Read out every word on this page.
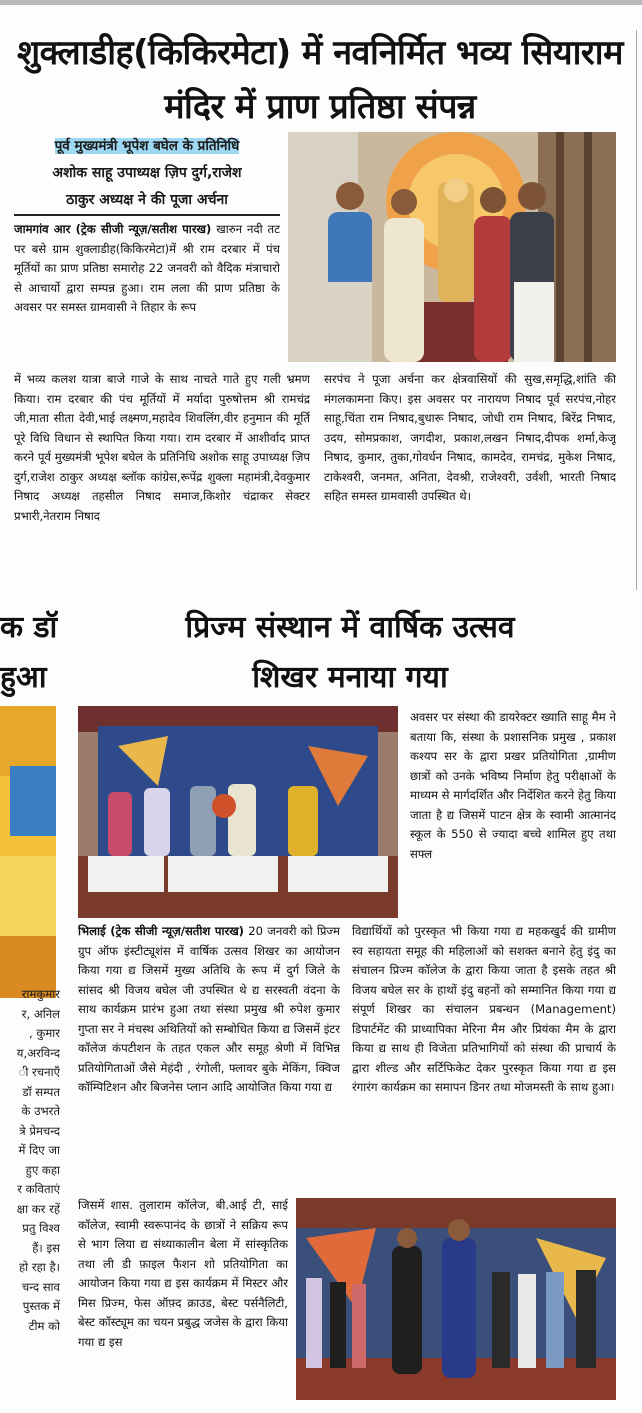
शुक्लाडीह(किकिरमेटा) में नवनिर्मित भव्य सियाराम
मंदिर में प्राण प्रतिष्ठा संपन्न
पूर्व मुख्यमंत्री भूपेश बघेल के प्रतिनिधि
अशोक साहू उपाध्यक्ष ज़िप दुर्ग,राजेश
ठाकुर अध्यक्ष ने की पूजा अर्चना
जामगांव आर (ट्रेक सीजी न्यूज़/सतीश पारख) खारुन नदी तट पर बसे ग्राम शुक्लाडीह(किकिरमेटा)में श्री राम दरबार में पंच मूर्तियों का प्राण प्रतिष्ठा समारोह 22 जनवरी को वैदिक मंत्राचारो से आचार्यो द्वारा सम्पन्न हुआ। राम लला की प्राण प्रतिष्ठा के अवसर पर समस्त ग्रामवासी ने तिहार के रूप
में भव्य कलश यात्रा बाजे गाजे के साथ नाचते गाते हुए गली भ्रमण किया। राम दरबार की पंच मूर्तियों में मर्यादा पुरुषोत्तम श्री रामचंद्र जी,माता सीता देवी,भाई लक्ष्मण,महादेव शिवलिंग,वीर हनुमान की मूर्ति पूरे विधि विधान से स्थापित किया गया। राम दरबार में आशीर्वाद प्राप्त करने पूर्व मुख्यमंत्री भूपेश बघेल के प्रतिनिधि अशोक साहू उपाध्यक्ष ज़िप दुर्ग,राजेश ठाकुर अध्यक्ष ब्लॉक कांग्रेस,रूपेंद्र शुक्ला महामंत्री,देवकुमार निषाद अध्यक्ष तहसील निषाद समाज,किशोर चंद्राकर सेक्टर प्रभारी,नेतराम निषाद
सरपंच ने पूजा अर्चना कर क्षेत्रवासियों की सुख,समृद्धि,शांति की मंगलकामना किए। इस अवसर पर नारायण निषाद पूर्व सरपंच,नोहर साहू,चिंता राम निषाद,बुधारू निषाद, जोधी राम निषाद, बिरेंद्र निषाद, उदय, सोमप्रकाश, जगदीश, प्रकाश,लखन निषाद,दीपक शर्मा,केजू निषाद, कुमार, तुका,गोवर्धन निषाद, कामदेव, रामचंद्र, मुकेश निषाद, टाकेश्वरी, जनमत, अनिता, देवश्री, राजेश्वरी, उर्वशी, भारती निषाद सहित समस्त ग्रामवासी उपस्थित थे।
क डॉ
हुआ
रामकुमार
र, अनिल
, कुमार
य,अरविन्द
ी रचनाएँ
डॉ सम्पत
के उभरते
त्रे प्रेमचन्द
में दिए जा
हुए कहा
र कविताएं
क्षा कर रहें
प्रतु विश्व
हैं। इस
हो रहा है।
चन्द साव
पुस्तक में
टीम को
प्रिज्म संस्थान में वार्षिक उत्सव
शिखर मनाया गया
अवसर पर संस्था की डायरेक्टर ख्याति साहू मैम ने बताया कि, संस्था के प्रशासनिक प्रमुख , प्रकाश कश्यप सर के द्वारा प्रखर प्रतियोगिता ,ग्रामीण छात्रों को उनके भविष्य निर्माण हेतु परीक्षाओं के माध्यम से मार्गदर्शित और निर्देशित करने हेतु किया जाता है द्य जिसमें पाटन क्षेत्र के स्वामी आत्मानंद स्कूल के 550 से ज्यादा बच्चे शामिल हुए तथा सफ्ल
भिलाई (ट्रेक सीजी न्यूज़/सतीश पारख) 20 जनवरी को प्रिज्म ग्रुप ऑफ इंस्टीट्यूशंस में वार्षिक उत्सव शिखर का आयोजन किया गया द्य जिसमें मुख्य अतिथि के रूप में दुर्ग जिले के सांसद श्री विजय बघेल जी उपस्थित थे द्य सरस्वती वंदना के साथ कार्यक्रम प्रारंभ हुआ तथा संस्था प्रमुख श्री रुपेश कुमार गुप्ता सर ने मंचस्थ अथितियों को सम्बोधित किया द्य जिसमें इंटर कॉलेज कंपटीशन के तहत एकल और समूह श्रेणी में विभिन्न प्रतियोगिताओं जैसे मेहंदी , रंगोली, फ्लावर बुके मेकिंग, क्विज कॉम्पिटिशन और बिजनेस प्लान आदि आयोजित किया गया द्य
विद्यार्थियों को पुरस्कृत भी किया गया द्य महकखुर्द की ग्रामीण स्व सहायता समूह की महिलाओं को सशक्त बनाने हेतु इंदु का संचालन प्रिज्म कॉलेज के द्वारा किया जाता है इसके तहत श्री विजय बघेल सर के हाथों इंदु बहनों को सम्मानित किया गया द्य संपूर्ण शिखर का संचालन प्रबन्धन (Management) डिपार्टमेंट की प्राध्यापिका मेरिना मैम और प्रियंका मैम के द्वारा किया द्य साथ ही विजेता प्रतिभागियों को संस्था की प्राचार्य के द्वारा शील्ड और सर्टिफिकेट देकर पुरस्कृत किया गया द्य इस रंगारंग कार्यक्रम का समापन डिनर तथा मोजमस्ती के साथ हुआ।
जिसमें शास. तुलाराम कॉलेज, बी.आई टी, साई कॉलेज, स्वामी स्वरूपानंद के छात्रों ने सक्रिय रूप से भाग लिया द्य संध्याकालीन बेला में सांस्कृतिक तथा ली डी फ़ाइल फैशन शो प्रतियोगिता का आयोजन किया गया द्य इस कार्यक्रम में मिस्टर और मिस प्रिज्म, फेस ऑफ़्द क्राउड, बेस्ट पर्सनैलिटी, बेस्ट कॉस्ट्यूम का चयन प्रबुद्ध जजेस के द्वारा किया गया द्य इस
